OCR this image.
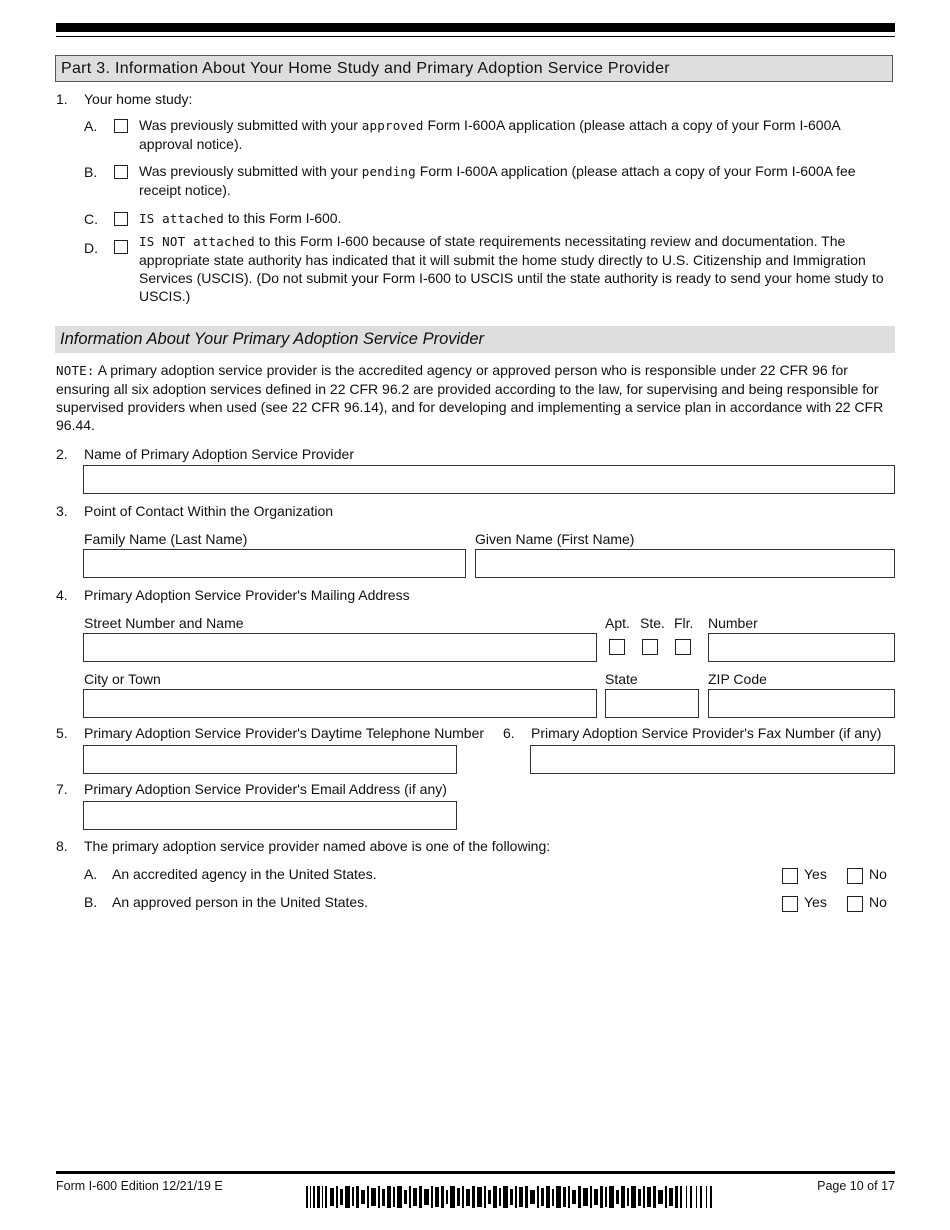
Part 3. Information About Your Home Study and Primary Adoption Service Provider
1. Your home study:
A.	Was previously submitted with your approved Form I-600A application (please attach a copy of your Form I-600A approval notice).
B.	Was previously submitted with your pending Form I-600A application (please attach a copy of your Form I-600A fee receipt notice).
C.	IS attached to this Form I-600.
D.	IS NOT attached to this Form I-600 because of state requirements necessitating review and documentation. The appropriate state authority has indicated that it will submit the home study directly to U.S. Citizenship and Immigration Services (USCIS). (Do not submit your Form I-600 to USCIS until the state authority is ready to send your home study to USCIS.)
Information About Your Primary Adoption Service Provider
NOTE: A primary adoption service provider is the accredited agency or approved person who is responsible under 22 CFR 96 for ensuring all six adoption services defined in 22 CFR 96.2 are provided according to the law, for supervising and being responsible for supervised providers when used (see 22 CFR 96.14), and for developing and implementing a service plan in accordance with 22 CFR 96.44.
2. Name of Primary Adoption Service Provider
3. Point of Contact Within the Organization
Family Name (Last Name)	Given Name (First Name)
4. Primary Adoption Service Provider's Mailing Address
Street Number and Name	Apt. Ste. Flr. Number
City or Town	State	ZIP Code
5. Primary Adoption Service Provider's Daytime Telephone Number 6. Primary Adoption Service Provider's Fax Number (if any)
7. Primary Adoption Service Provider's Email Address (if any)
8. The primary adoption service provider named above is one of the following:
A. An accredited agency in the United States.	Yes	No
B. An approved person in the United States.	Yes	No
Form I-600 Edition 12/21/19 E	Page 10 of 17
